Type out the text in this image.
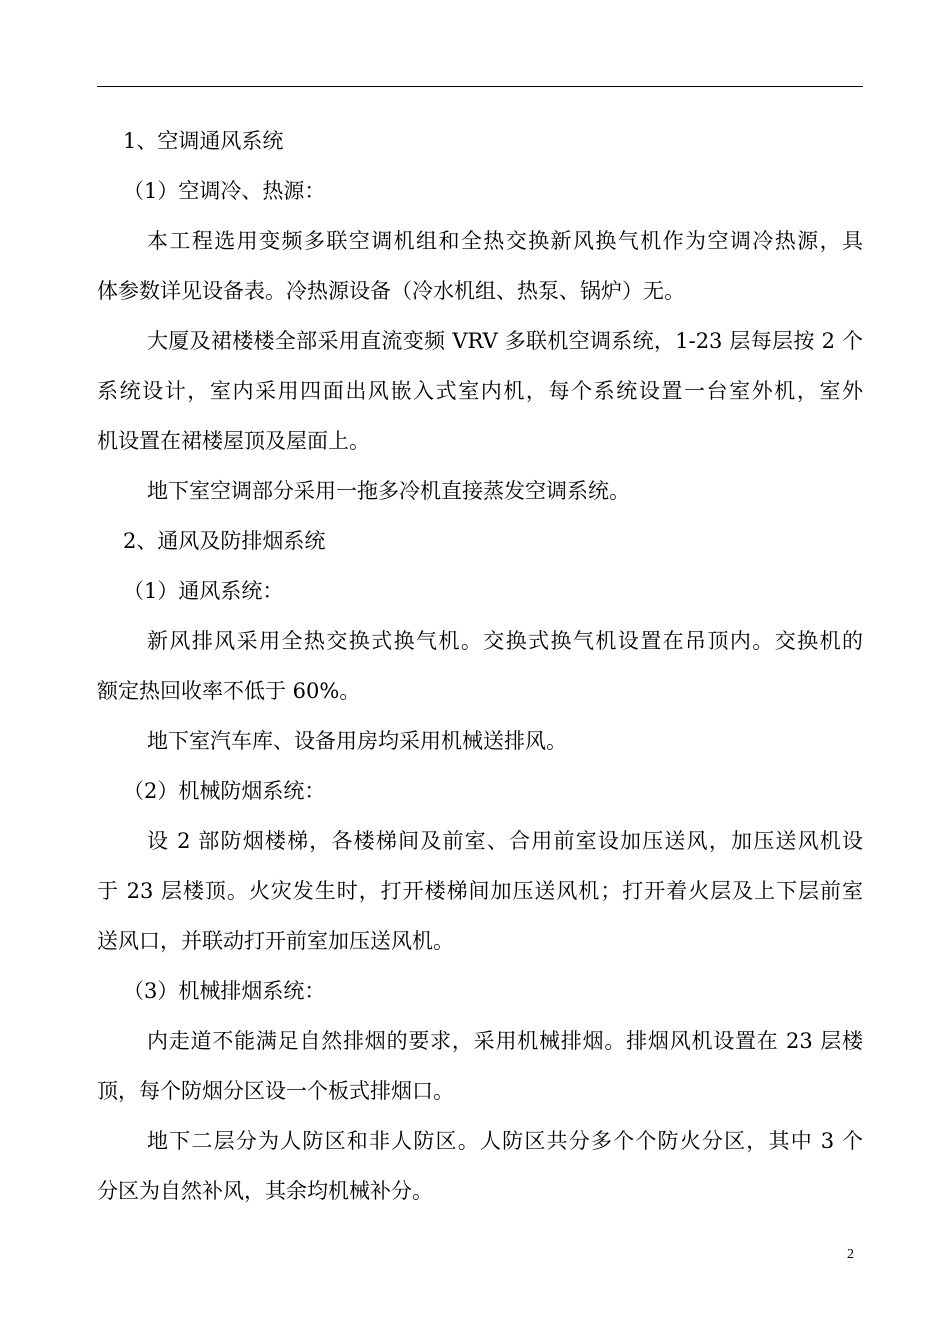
1、空调通风系统
（1）空调冷、热源：
本工程选用变频多联空调机组和全热交换新风换气机作为空调冷热源，具
体参数详见设备表。冷热源设备（冷水机组、热泵、锅炉）无。
大厦及裙楼楼全部采用直流变频 VRV 多联机空调系统，1-23 层每层按 2 个
系统设计，室内采用四面出风嵌入式室内机，每个系统设置一台室外机，室外
机设置在裙楼屋顶及屋面上。
地下室空调部分采用一拖多冷机直接蒸发空调系统。
2、通风及防排烟系统
（1）通风系统：
新风排风采用全热交换式换气机。交换式换气机设置在吊顶内。交换机的
额定热回收率不低于 60%。
地下室汽车库、设备用房均采用机械送排风。
（2）机械防烟系统：
设 2 部防烟楼梯，各楼梯间及前室、合用前室设加压送风，加压送风机设
于 23 层楼顶。火灾发生时，打开楼梯间加压送风机；打开着火层及上下层前室
送风口，并联动打开前室加压送风机。
（3）机械排烟系统：
内走道不能满足自然排烟的要求，采用机械排烟。排烟风机设置在 23 层楼
顶，每个防烟分区设一个板式排烟口。
地下二层分为人防区和非人防区。人防区共分多个个防火分区，其中 3 个
分区为自然补风，其余均机械补分。
2
